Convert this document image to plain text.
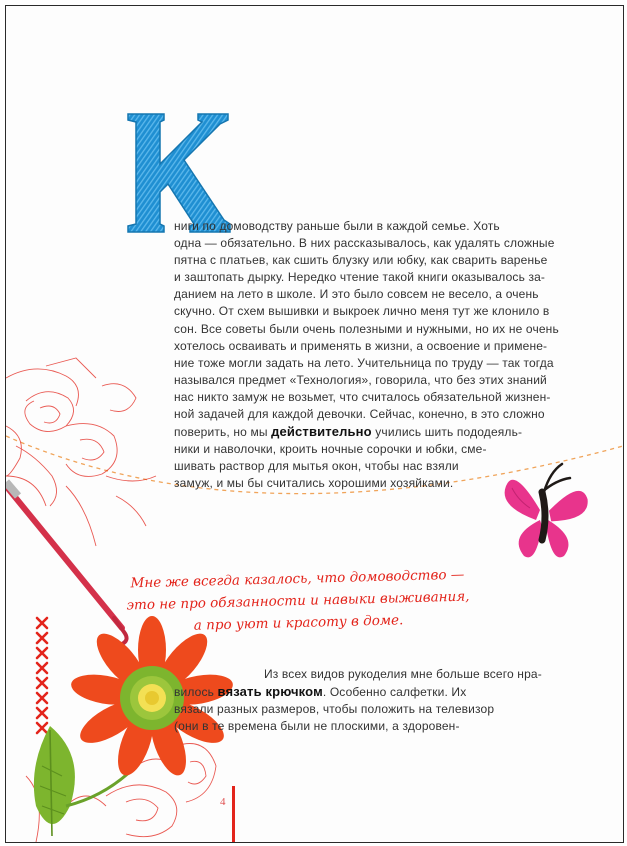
К

ниги по домоводству раньше были в каждой семье. Хоть
одна — обязательно. В них рассказывалось, как удалять сложные
пятна с платьев, как сшить блузку или юбку, как сварить варенье
и заштопать дырку. Нередко чтение такой книги оказывалось за-
данием на лето в школе. И это было совсем не весело, а очень
скучно. От схем вышивки и выкроек лично меня тут же клонило в
сон. Все советы были очень полезными и нужными, но их не очень
хотелось осваивать и применять в жизни, а освоение и примене-
ние тоже могли задать на лето. Учительница по труду — так тогда
назывался предмет «Технология», говорила, что без этих знаний
нас никто замуж не возьмет, что считалось обязательной жизнен-
ной задачей для каждой девочки. Сейчас, конечно, в это сложно
поверить, но мы действительно учились шить пододеяль-
ники и наволочки, кроить ночные сорочки и юбки, сме-
шивать раствор для мытья окон, чтобы нас взяли
замуж, и мы бы считались хорошими хозяйками.

Мне же всегда казалось, что домоводство —
это не про обязанности и навыки выживания,
а про уют и красоту в доме.

Из всех видов рукоделия мне больше всего нра-
вилось вязать крючком. Особенно салфетки. Их
вязали разных размеров, чтобы положить на телевизор
(они в те времена были не плоскими, а здоровен-

4
